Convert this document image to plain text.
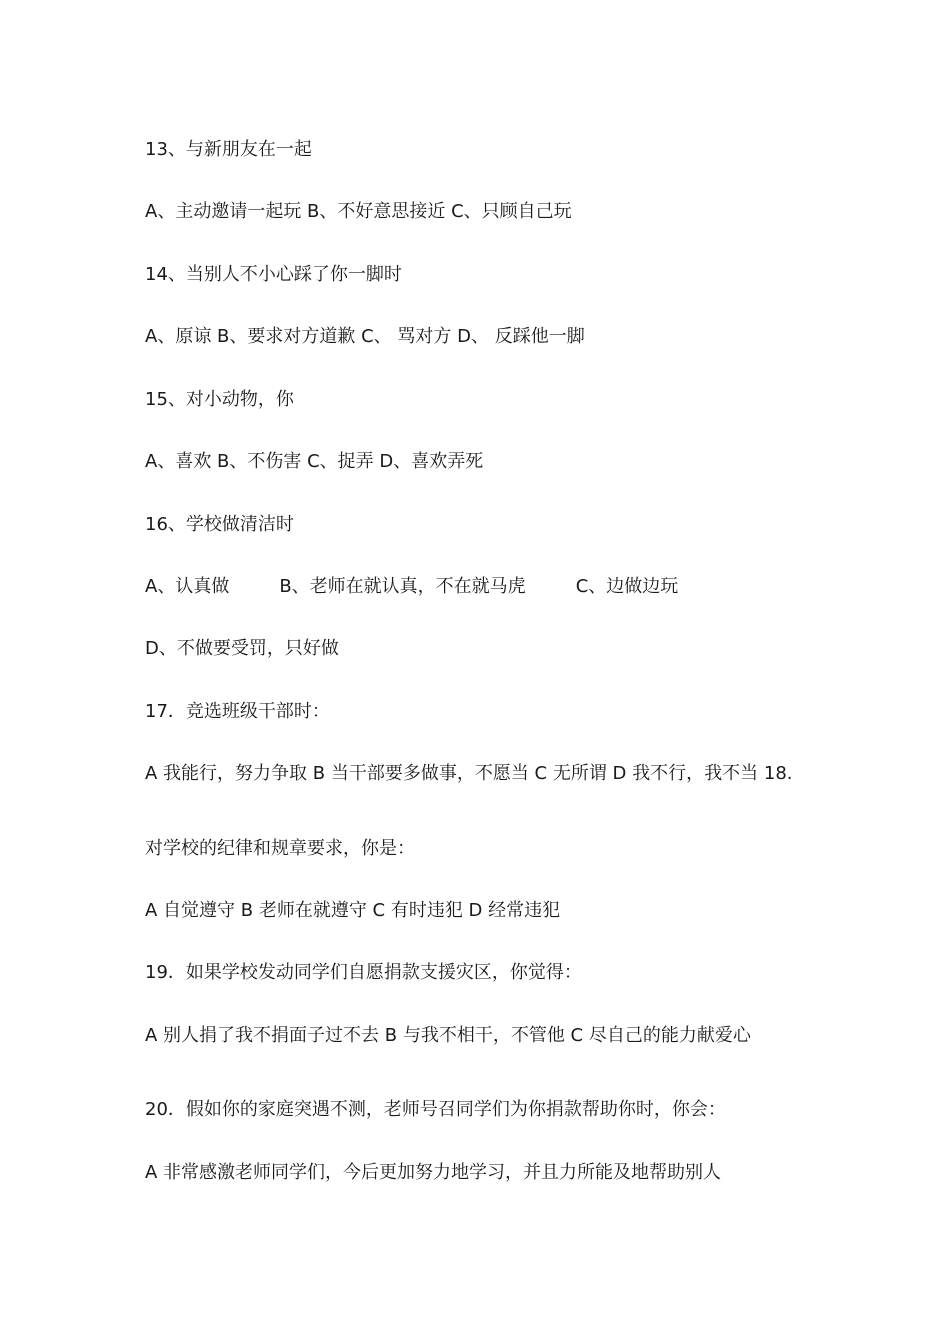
13、与新朋友在一起
A、主动邀请一起玩 B、不好意思接近 C、只顾自己玩
14、当别人不小心踩了你一脚时
A、原谅 B、要求对方道歉 C、 骂对方 D、 反踩他一脚
15、对小动物，你
A、喜欢 B、不伤害 C、捉弄 D、喜欢弄死
16、学校做清洁时
A、认真做	B、老师在就认真，不在就马虎	C、边做边玩
D、不做要受罚，只好做
17．竞选班级干部时：
A 我能行，努力争取 B 当干部要多做事，不愿当 C 无所谓 D 我不行，我不当 18.
对学校的纪律和规章要求，你是：
A 自觉遵守 B 老师在就遵守 C 有时违犯 D 经常违犯
19．如果学校发动同学们自愿捐款支援灾区，你觉得：
A 别人捐了我不捐面子过不去 B 与我不相干，不管他 C 尽自己的能力献爱心
20．假如你的家庭突遇不测，老师号召同学们为你捐款帮助你时，你会：
A 非常感激老师同学们，今后更加努力地学习，并且力所能及地帮助别人
